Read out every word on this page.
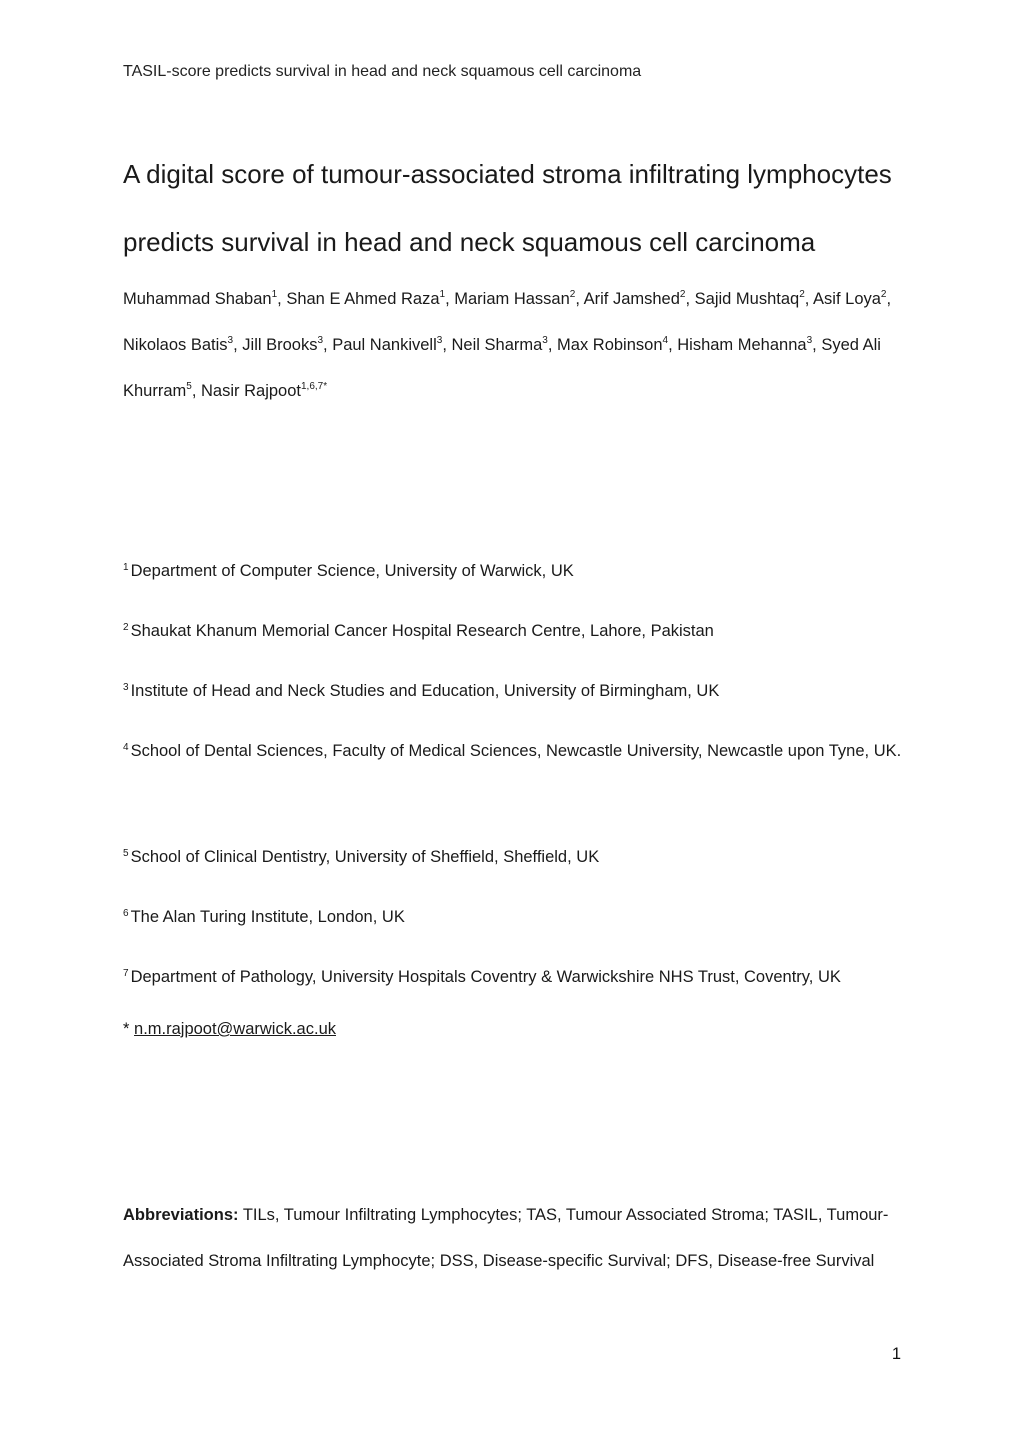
TASIL-score predicts survival in head and neck squamous cell carcinoma
A digital score of tumour-associated stroma infiltrating lymphocytes predicts survival in head and neck squamous cell carcinoma
Muhammad Shaban$^1$, Shan E Ahmed Raza$^1$, Mariam Hassan$^2$, Arif Jamshed$^2$, Sajid Mushtaq$^2$, Asif Loya$^2$, Nikolaos Batis$^3$, Jill Brooks$^3$, Paul Nankivell$^3$, Neil Sharma$^3$, Max Robinson$^4$, Hisham Mehanna$^3$, Syed Ali Khurram$^5$, Nasir Rajpoot$^{1,6,7*}$
$^1$ Department of Computer Science, University of Warwick, UK
$^2$ Shaukat Khanum Memorial Cancer Hospital Research Centre, Lahore, Pakistan
$^3$ Institute of Head and Neck Studies and Education, University of Birmingham, UK
$^4$ School of Dental Sciences, Faculty of Medical Sciences, Newcastle University, Newcastle upon Tyne, UK.
$^5$ School of Clinical Dentistry, University of Sheffield, Sheffield, UK
$^6$ The Alan Turing Institute, London, UK
$^7$ Department of Pathology, University Hospitals Coventry & Warwickshire NHS Trust, Coventry, UK
* n.m.rajpoot@warwick.ac.uk
Abbreviations: TILs, Tumour Infiltrating Lymphocytes; TAS, Tumour Associated Stroma; TASIL, Tumour-Associated Stroma Infiltrating Lymphocyte; DSS, Disease-specific Survival; DFS, Disease-free Survival
1
